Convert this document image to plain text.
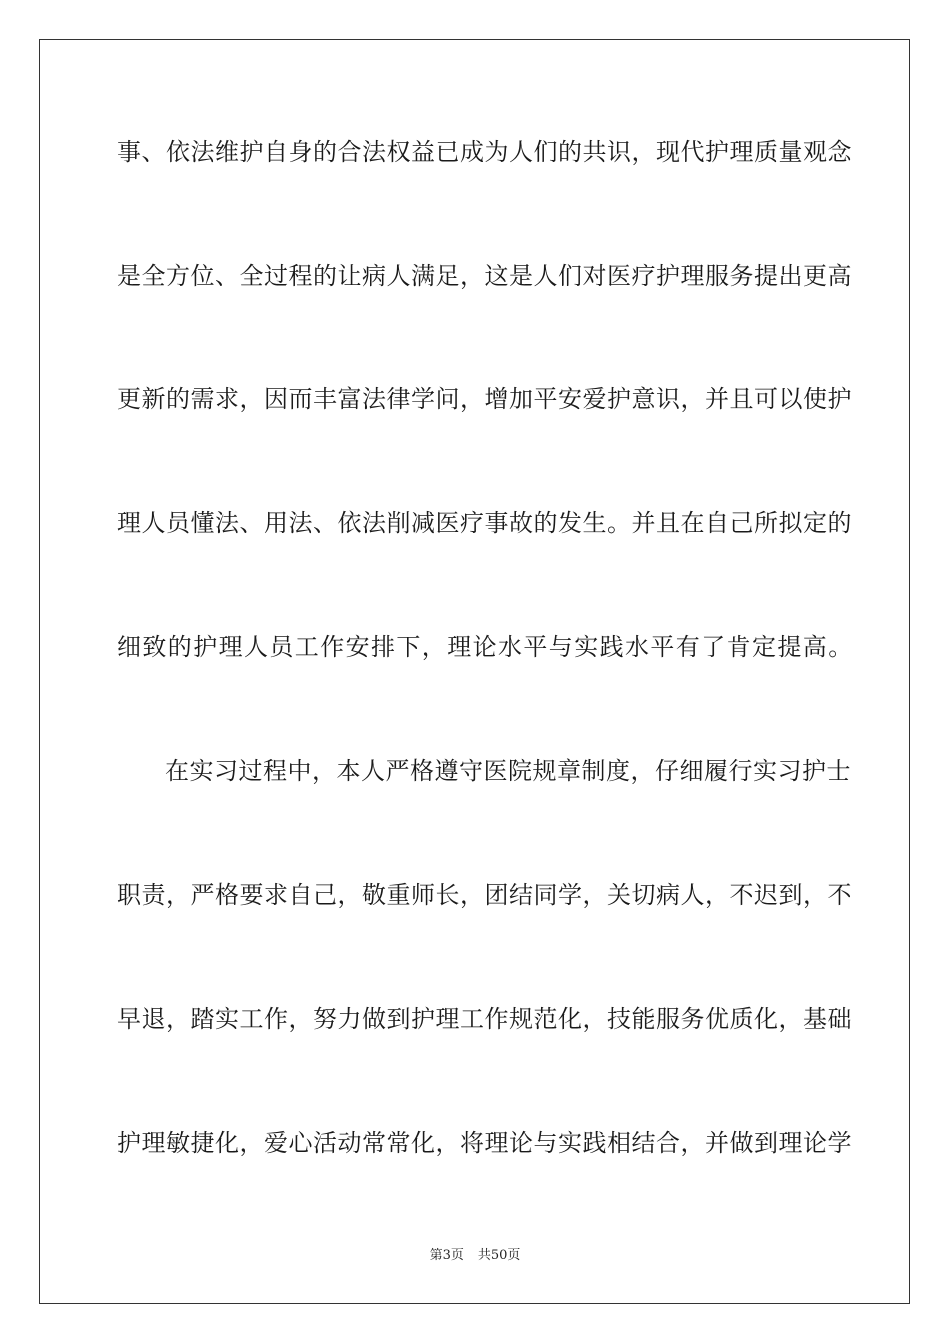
事、依法维护自身的合法权益已成为人们的共识，现代护理质量观念
是全方位、全过程的让病人满足，这是人们对医疗护理服务提出更高
更新的需求，因而丰富法律学问，增加平安爱护意识，并且可以使护
理人员懂法、用法、依法削减医疗事故的发生。并且在自己所拟定的
细致的护理人员工作安排下，理论水平与实践水平有了肯定提高。
在实习过程中，本人严格遵守医院规章制度，仔细履行实习护士
职责，严格要求自己，敬重师长，团结同学，关切病人，不迟到，不
早退，踏实工作，努力做到护理工作规范化，技能服务优质化，基础
护理敏捷化，爱心活动常常化，将理论与实践相结合，并做到理论学
第3页 共50页
